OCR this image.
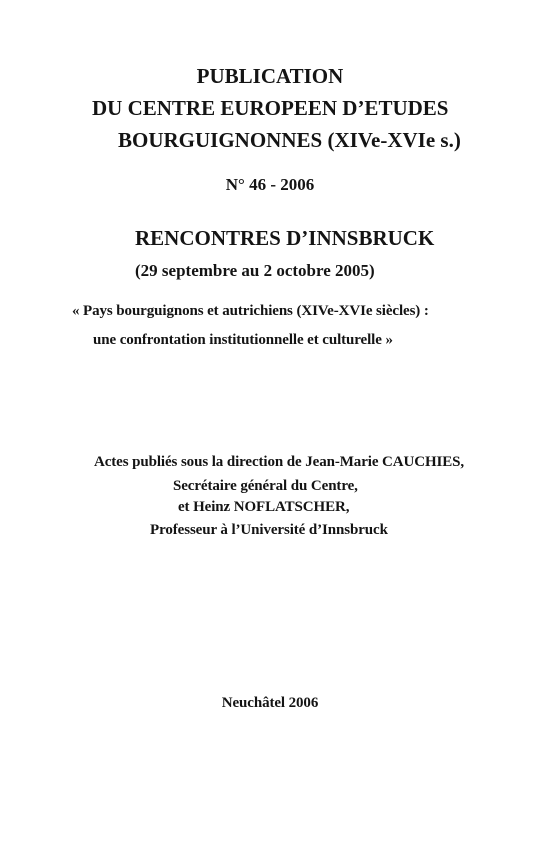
PUBLICATION
DU CENTRE EUROPEEN D’ETUDES
BOURGUIGNONNES (XIVe-XVIe s.)
N° 46 - 2006
RENCONTRES D’INNSBRUCK
(29 septembre au 2 octobre 2005)
« Pays bourguignons et autrichiens (XIVe-XVIe siècles) :
une confrontation institutionnelle et culturelle »
Actes publiés sous la direction de Jean-Marie CAUCHIES,
Secrétaire général du Centre,
et Heinz NOFLATSCHER,
Professeur à l’Université d’Innsbruck
Neuchâtel 2006
